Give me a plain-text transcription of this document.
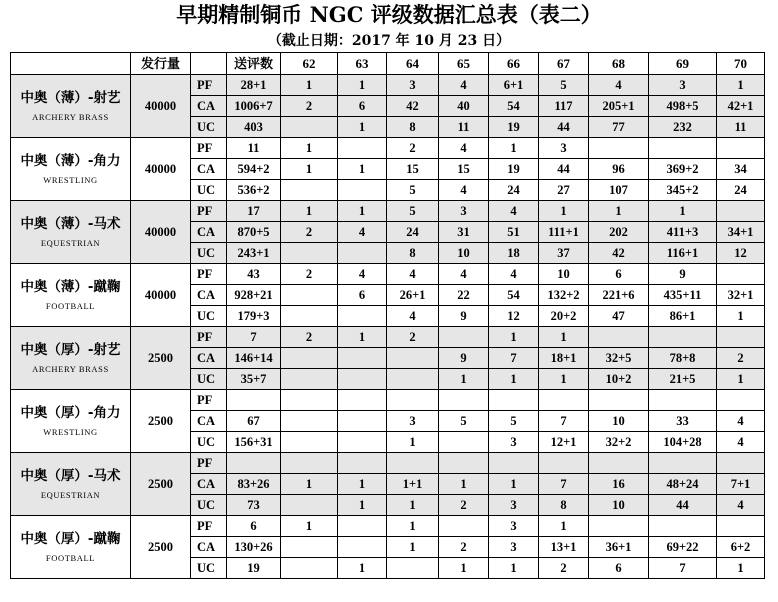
早期精制铜币 NGC 评级数据汇总表（表二）
（截止日期：2017 年 10 月 23 日）
	发行量		送评数	62	63	64	65	66	67	68	69	70

中奥（薄）-射艺
ARCHERY BRASS	40000	PF	28+1	1	1	3	4	6+1	5	4	3	1
		CA	1006+7	2	6	42	40	54	117	205+1	498+5	42+1
		UC	403		1	8	11	19	44	77	232	11

中奥（薄）-角力
WRESTLING	40000	PF	11	1		2	4	1	3			
		CA	594+2	1	1	15	15	19	44	96	369+2	34
		UC	536+2			5	4	24	27	107	345+2	24

中奥（薄）-马术
EQUESTRIAN	40000	PF	17	1	1	5	3	4	1	1	1	
		CA	870+5	2	4	24	31	51	111+1	202	411+3	34+1
		UC	243+1			8	10	18	37	42	116+1	12

中奥（薄）-蹴鞠
FOOTBALL	40000	PF	43	2	4	4	4	4	10	6	9	
		CA	928+21		6	26+1	22	54	132+2	221+6	435+11	32+1
		UC	179+3			4	9	12	20+2	47	86+1	1

中奥（厚）-射艺
ARCHERY BRASS	2500	PF	7	2	1	2		1	1			
		CA	146+14				9	7	18+1	32+5	78+8	2
		UC	35+7				1	1	1	10+2	21+5	1

中奥（厚）-角力
WRESTLING	2500	PF										
		CA	67			3	5	5	7	10	33	4
		UC	156+31			1		3	12+1	32+2	104+28	4

中奥（厚）-马术
EQUESTRIAN	2500	PF										
		CA	83+26	1	1	1+1	1	1	7	16	48+24	7+1
		UC	73		1	1	2	3	8	10	44	4

中奥（厚）-蹴鞠
FOOTBALL	2500	PF	6	1		1		3	1			
		CA	130+26			1	2	3	13+1	36+1	69+22	6+2
		UC	19		1		1	1	2	6	7	1
